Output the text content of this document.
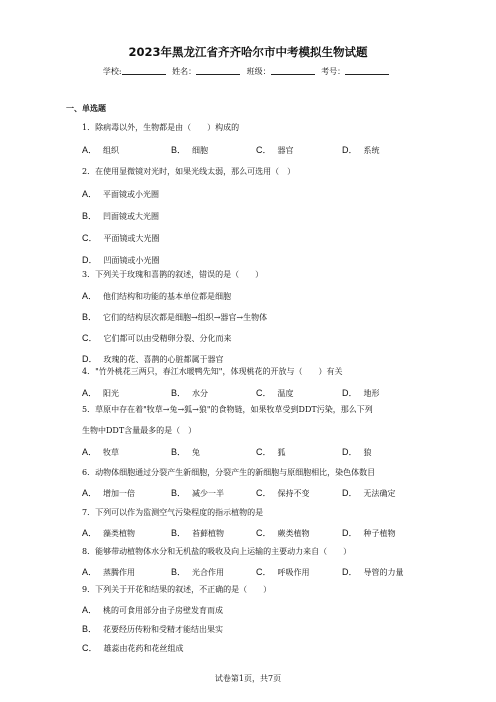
2023年黑龙江省齐齐哈尔市中考模拟生物试题
学校:	姓名：	班级：	考号：
一、单选题
1．除病毒以外，生物都是由（　　）构成的
A． 组织	B． 细胞	C． 器官	D． 系统
2．在使用显微镜对光时，如果光线太弱，那么可选用（　）
A． 平面镜或小光圈
B． 凹面镜或大光圈
C． 平面镜或大光圈
D． 凹面镜或小光圈
3．下列关于玫瑰和喜鹊的叙述，错误的是（　　）
A． 他们结构和功能的基本单位都是细胞
B． 它们的结构层次都是细胞→组织→器官→生物体
C． 它们都可以由受精卵分裂、分化而来
D． 玫瑰的花、喜鹊的心脏都属于器官
4．"竹外桃花三两只，春江水暖鸭先知"，体现桃花的开放与（　　）有关
A． 阳光	B． 水分	C． 温度	D． 地形
5．草原中存在着"牧草→兔→狐→狼"的食物链，如果牧草受到DDT污染，那么下列
生物中DDT含量最多的是（　）
A． 牧草	B． 兔	C． 狐	D． 狼
6．动物体细胞通过分裂产生新细胞，分裂产生的新细胞与原细胞相比，染色体数目
A． 增加一倍	B． 减少一半	C． 保持不变	D． 无法确定
7．下列可以作为监测空气污染程度的指示植物的是
A． 藻类植物	B． 苔藓植物	C． 蕨类植物	D． 种子植物
8．能够带动植物体水分和无机盐的吸收及向上运输的主要动力来自（　　）
A． 蒸腾作用	B． 光合作用	C． 呼吸作用	D． 导管的力量
9．下列关于开花和结果的叙述，不正确的是（　　）
A． 桃的可食用部分由子房壁发育而成
B． 花要经历传粉和受精才能结出果实
C． 雄蕊由花药和花丝组成
试卷第1页，共7页
